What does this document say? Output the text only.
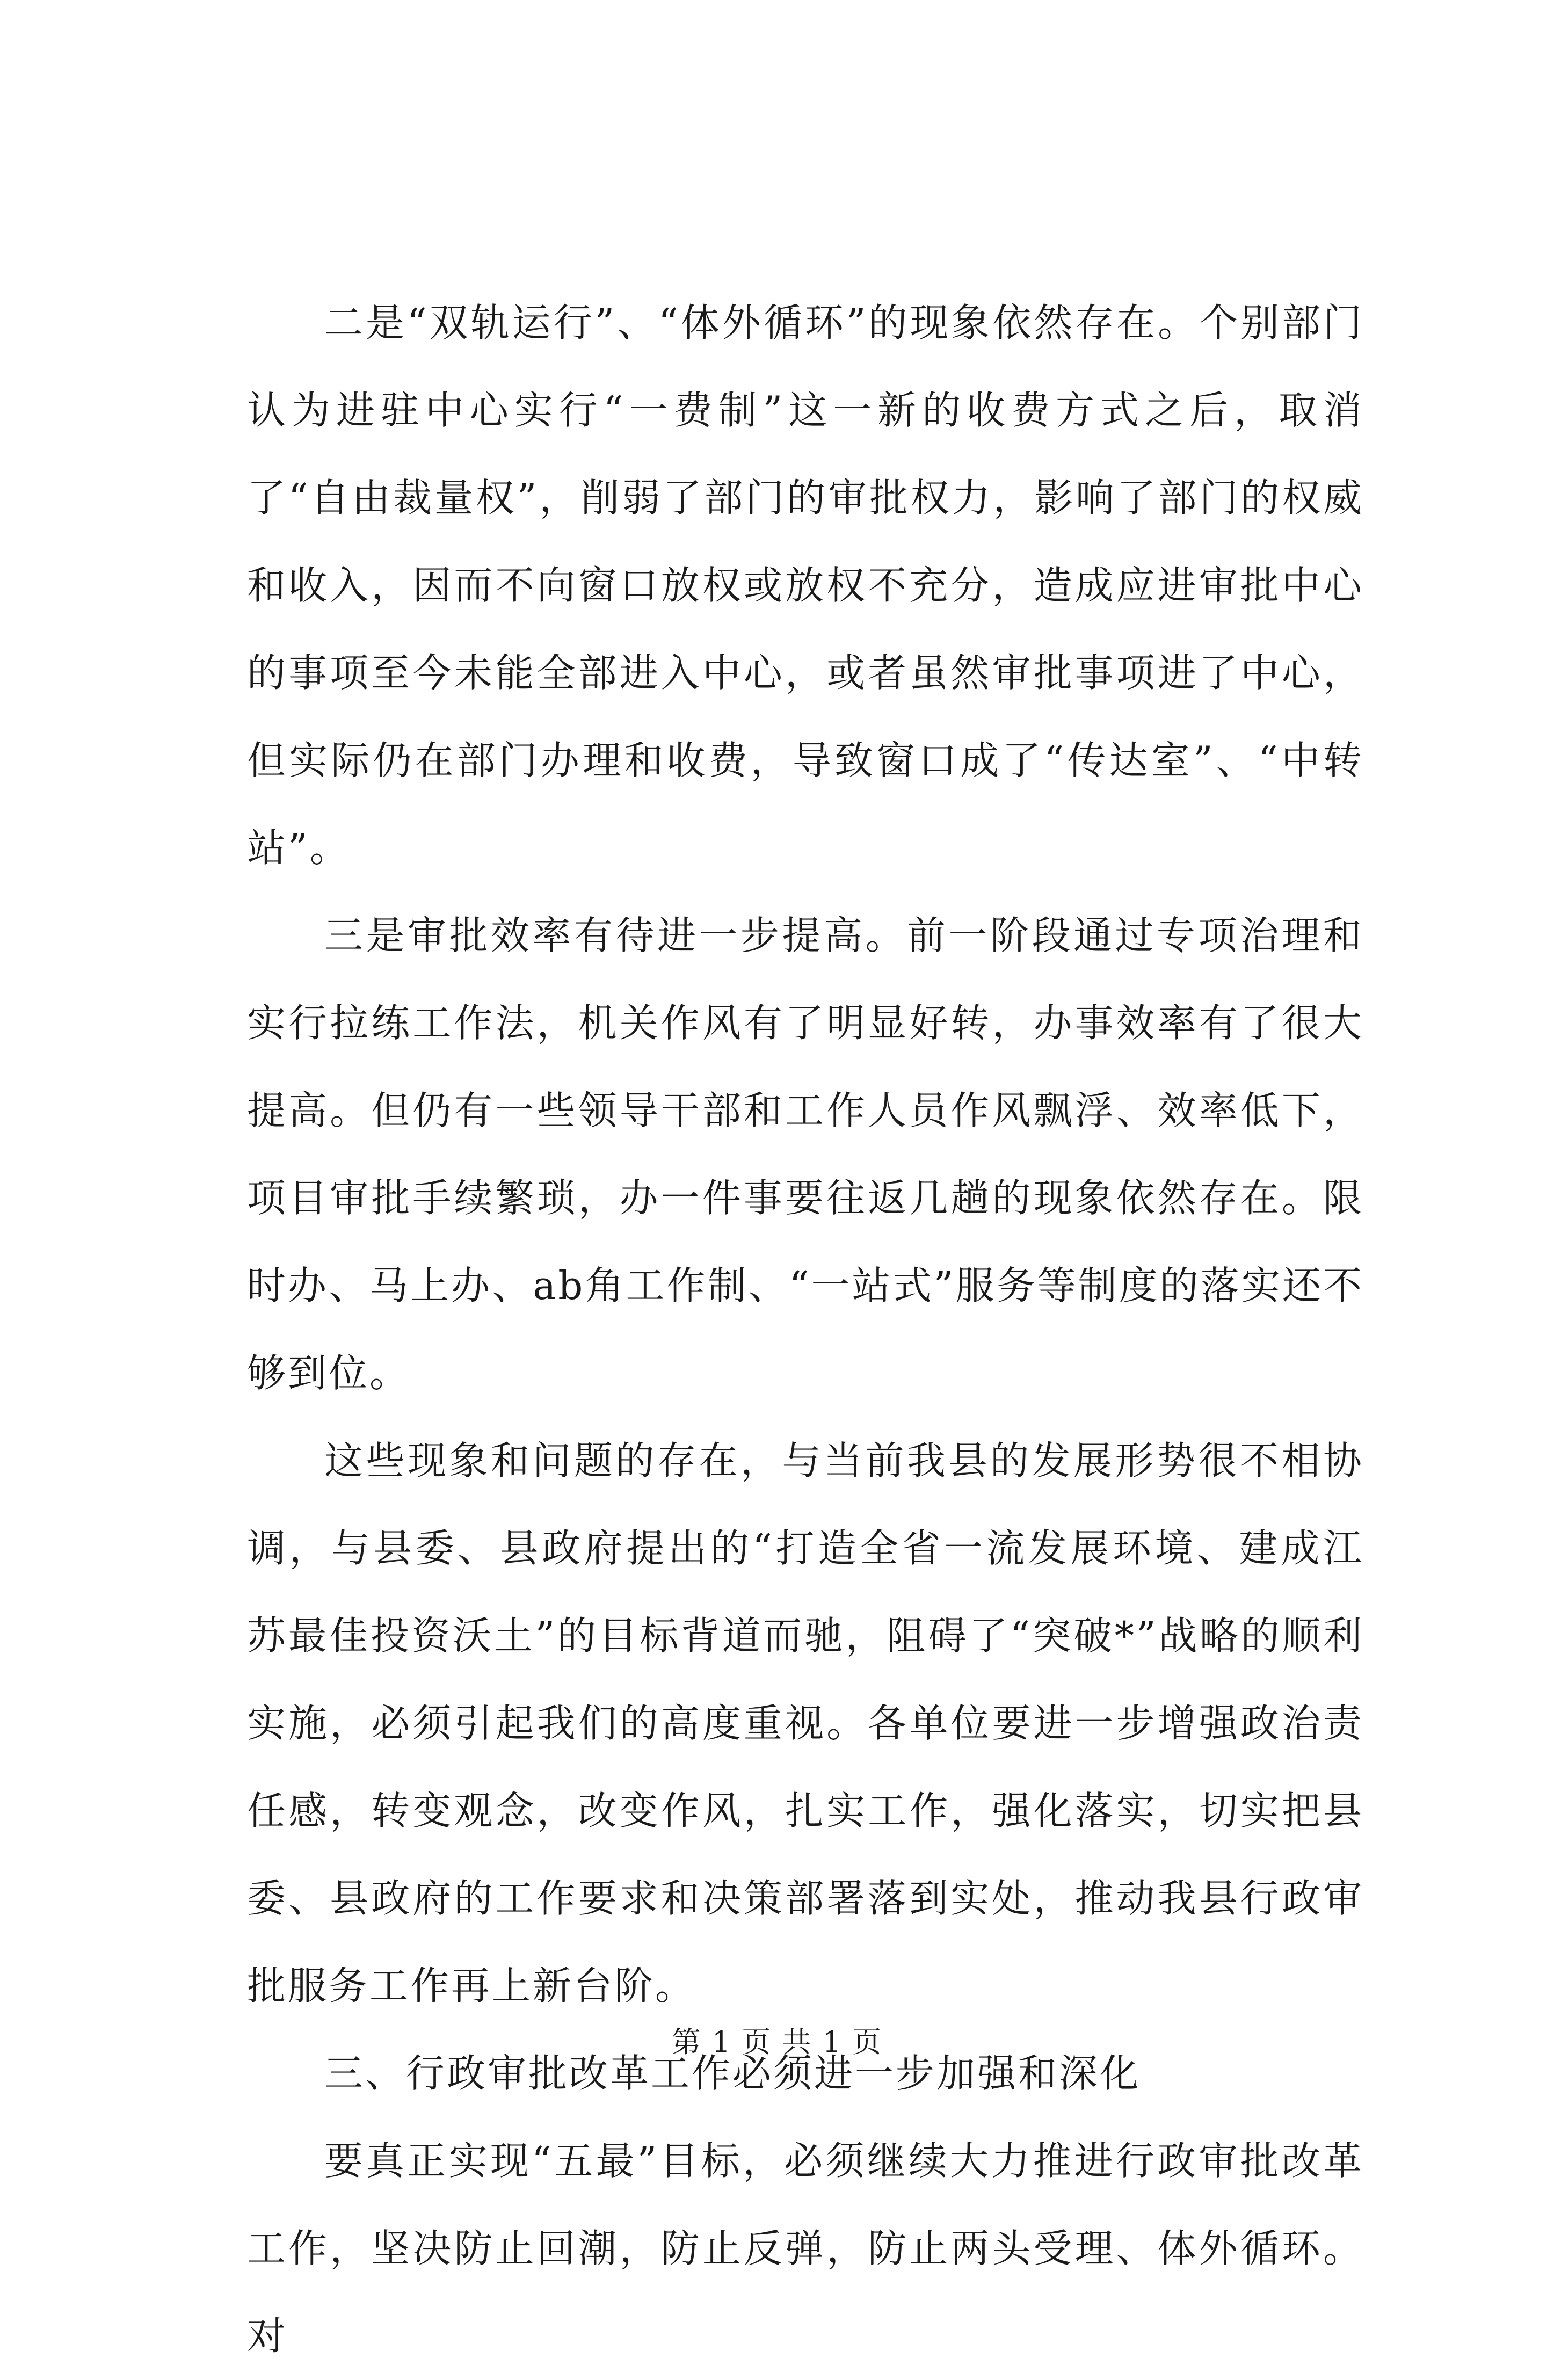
二是“双轨运行”、“体外循环”的现象依然存在。个别部门认为进驻中心实行“一费制”这一新的收费方式之后，取消了“自由裁量权”，削弱了部门的审批权力，影响了部门的权威和收入，因而不向窗口放权或放权不充分，造成应进审批中心的事项至今未能全部进入中心，或者虽然审批事项进了中心，但实际仍在部门办理和收费，导致窗口成了“传达室”、“中转站”。

三是审批效率有待进一步提高。前一阶段通过专项治理和实行拉练工作法，机关作风有了明显好转，办事效率有了很大提高。但仍有一些领导干部和工作人员作风飘浮、效率低下，项目审批手续繁琐，办一件事要往返几趟的现象依然存在。限时办、马上办、ab角工作制、“一站式”服务等制度的落实还不够到位。

这些现象和问题的存在，与当前我县的发展形势很不相协调，与县委、县政府提出的“打造全省一流发展环境、建成江苏最佳投资沃土”的目标背道而驰，阻碍了“突破*”战略的顺利实施，必须引起我们的高度重视。各单位要进一步增强政治责任感，转变观念，改变作风，扎实工作，强化落实，切实把县委、县政府的工作要求和决策部署落到实处，推动我县行政审批服务工作再上新台阶。

三、行政审批改革工作必须进一步加强和深化

要真正实现“五最”目标，必须继续大力推进行政审批改革工作，坚决防止回潮，防止反弹，防止两头受理、体外循环。对

第 1 页 共 1 页
